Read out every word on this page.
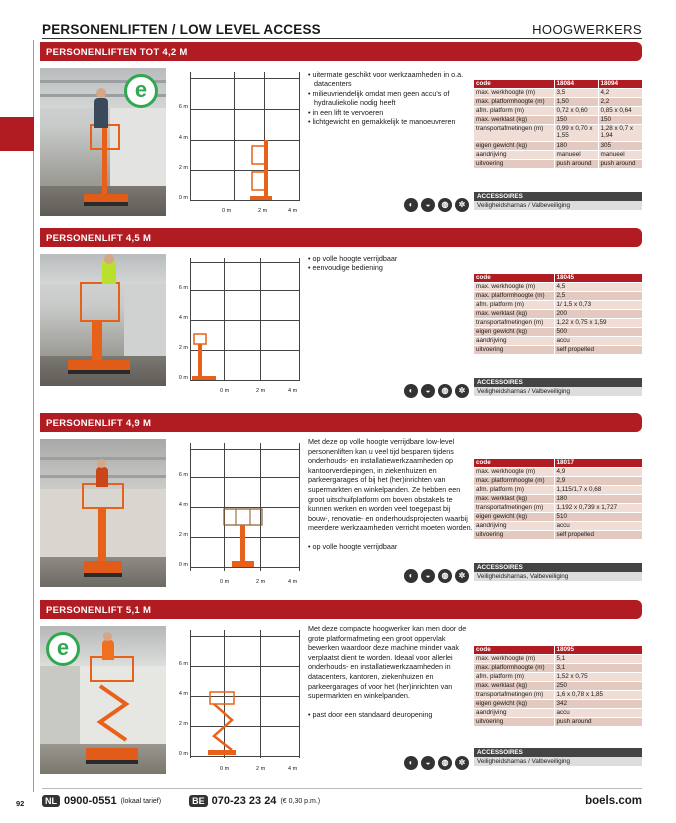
PERSONENLIFTEN / LOW LEVEL ACCESS	HOOGWERKERS
PERSONENLIFTEN TOT 4,2 M
e
6 m
4 m
2 m
0 m
0 m	2 m	4 m
• uitermate geschikt voor werkzaamheden in o.a. datacenters
• milieuvriendelijk omdat men geen accu's of hydrauliekolie nodig heeft
• in een lift te vervoeren
• lichtgewicht en gemakkelijk te manoeuvreren
code	18084	18094
max. werkhoogte (m)	3,5	4,2
max. platformhoogte (m)	1,50	2,2
afm. platform (m)	0,72 x 0,60	0,85 x 0,64
max. werklast (kg)	150	150
transportafmetingen (m)	0,99 x 0,70 x 1,55	1,28 x 0,7 x 1,94
eigen gewicht (kg)	180	305
aandrijving	manueel	manueel
uitvoering	push around	push around
ACCESSOIRES
Veiligheidsharnas / Valbeveiliging
◐	◒	◍	✲
PERSONENLIFT 4,5 M
6 m
4 m
2 m
0 m
0 m	2 m	4 m
• op volle hoogte verrijdbaar
• eenvoudige bediening
code	18045
max. werkhoogte (m)	4,5
max. platformhoogte (m)	2,5
afm. platform (m)	1/ 1,5 x 0,73
max. werklast (kg)	200
transportafmetingen (m)	1,22 x 0,75 x 1,59
eigen gewicht (kg)	500
aandrijving	accu
uitvoering	self propelled
ACCESSOIRES
Veiligheidsharnas / Valbeveiliging
◐	◒	◍	✲
PERSONENLIFT 4,9 M
6 m
4 m
2 m
0 m
0 m	2 m	4 m

Met deze op volle hoogte verrijdbare low-level personenliften kan u veel tijd besparen tijdens onderhouds- en installatiewerkzaamheden op kantoorverdiepingen, in ziekenhuizen en parkeergarages of bij het (her)inrichten van supermarkten en winkelpanden. Ze hebben een groot uitschuifplatform om boven obstakels te kunnen werken en worden veel toegepast bij bouw-, renovatie- en onderhoudsprojecten waarbij meerdere werkzaamheden verricht moeten worden.

• op volle hoogte verrijdbaar
code	18017
max. werkhoogte (m)	4,9
max. platformhoogte (m)	2,9
afm. platform (m)	1,115/1,7 x 0,68
max. werklast (kg)	180
transportafmetingen (m)	1,192 x 0,739 x 1,727
eigen gewicht (kg)	510
aandrijving	accu
uitvoering	self propelled
ACCESSOIRES
Veiligheidsharnas, Valbeveiliging
◐	◒	◍	✲
PERSONENLIFT 5,1 M
e
6 m
4 m
2 m
0 m
0 m	2 m	4 m

Met deze compacte hoogwerker kan men door de grote platformafmeting een groot oppervlak bewerken waardoor deze machine minder vaak verplaatst dient te worden. Ideaal voor allerlei onderhouds- en installatiewerkzaamheden in datacenters, kantoren, ziekenhuizen en parkeergarages of voor het (her)inrichten van supermarkten en winkelpanden.

• past door een standaard deuropening
code	18095
max. werkhoogte (m)	5,1
max. platformhoogte (m)	3,1
afm. platform (m)	1,52 x 0,75
max. werklast (kg)	250
transportafmetingen (m)	1,6 x 0,78 x 1,85
eigen gewicht (kg)	342
aandrijving	accu
uitvoering	push around
ACCESSOIRES
Veiligheidsharnas / Valbeveiliging
◐	◒	◍	✲
92	NL 0900-0551 (lokaal tarief)	BE 070-23 23 24 (€ 0,30 p.m.)	boels.com
